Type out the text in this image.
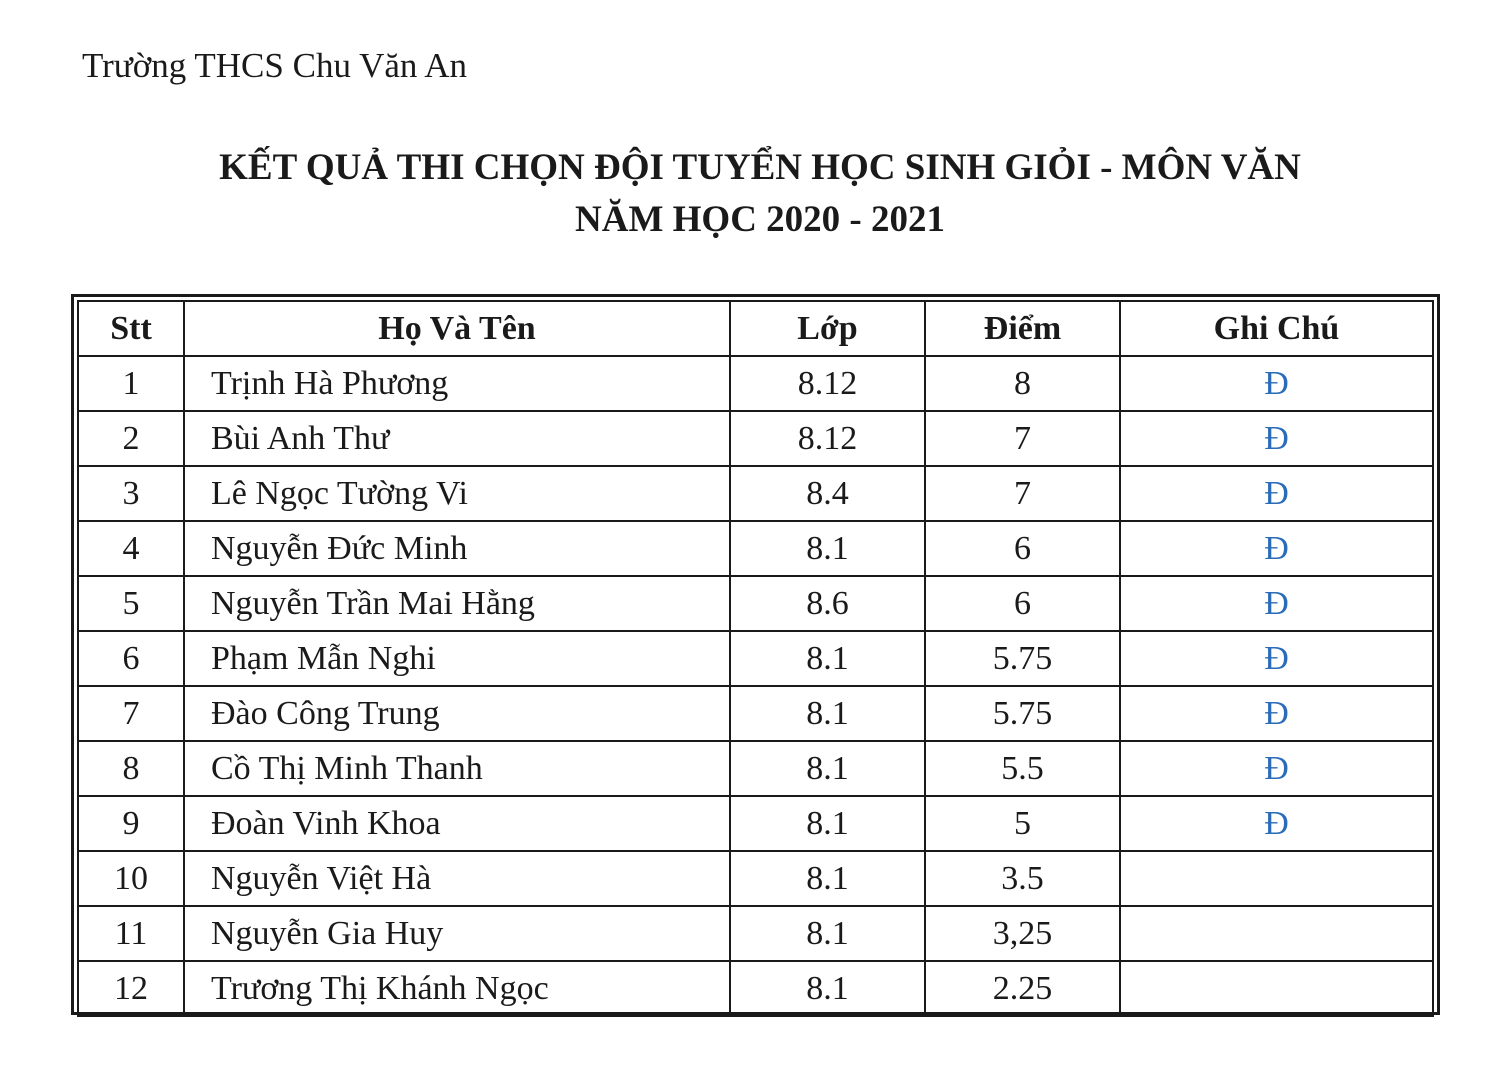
Trường THCS Chu Văn An
KẾT QUẢ THI CHỌN ĐỘI TUYỂN HỌC SINH GIỎI - MÔN VĂN
NĂM HỌC 2020 - 2021
Stt	Họ Và Tên	Lớp	Điểm	Ghi Chú
1	Trịnh Hà Phương	8.12	8	Đ
2	Bùi Anh Thư	8.12	7	Đ
3	Lê Ngọc Tường Vi	8.4	7	Đ
4	Nguyễn Đức Minh	8.1	6	Đ
5	Nguyễn Trần Mai Hằng	8.6	6	Đ
6	Phạm Mẫn Nghi	8.1	5.75	Đ
7	Đào Công Trung	8.1	5.75	Đ
8	Cồ Thị Minh Thanh	8.1	5.5	Đ
9	Đoàn Vinh Khoa	8.1	5	Đ
10	Nguyễn Việt Hà	8.1	3.5	
11	Nguyễn Gia Huy	8.1	3,25	
12	Trương Thị Khánh Ngọc	8.1	2.25	
